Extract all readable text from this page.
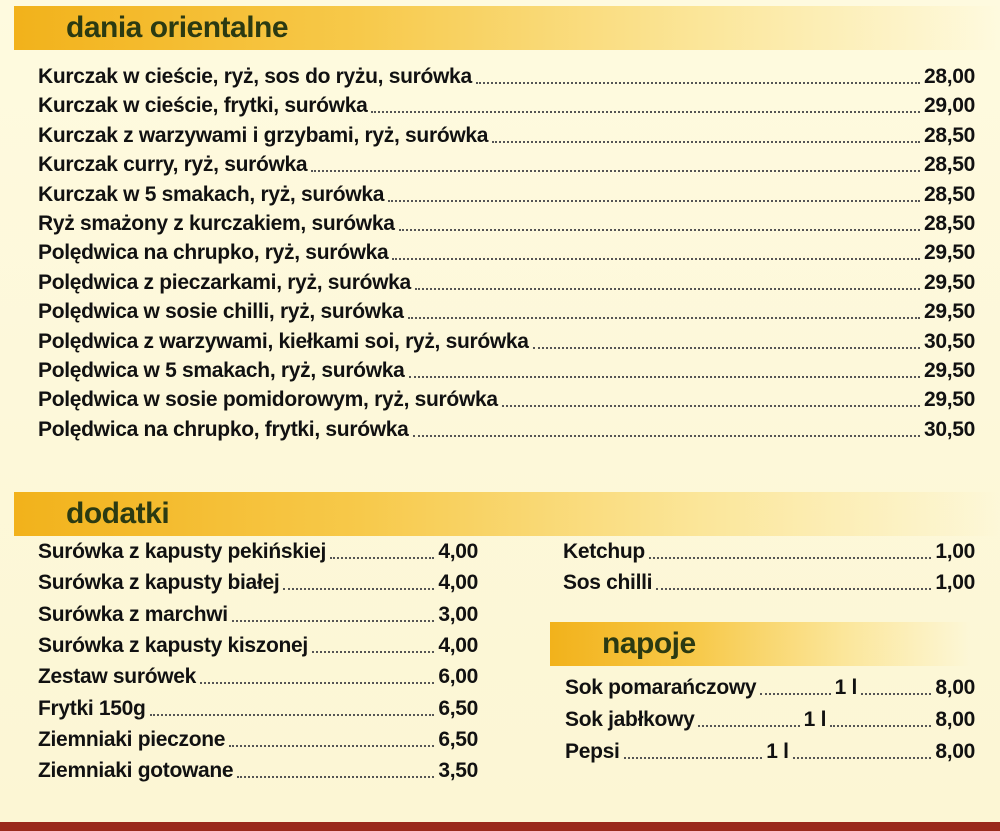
dania orientalne
Kurczak w cieście, ryż, sos do ryżu, surówka	28,00
Kurczak w cieście, frytki, surówka	29,00
Kurczak z warzywami i grzybami, ryż, surówka	28,50
Kurczak curry, ryż, surówka	28,50
Kurczak w 5 smakach, ryż, surówka	28,50
Ryż smażony z kurczakiem, surówka	28,50
Polędwica na chrupko, ryż, surówka	29,50
Polędwica z pieczarkami, ryż, surówka	29,50
Polędwica w sosie chilli, ryż, surówka	29,50
Polędwica z warzywami, kiełkami soi, ryż, surówka	30,50
Polędwica w 5 smakach, ryż, surówka	29,50
Polędwica w sosie pomidorowym, ryż, surówka	29,50
Polędwica na chrupko, frytki, surówka	30,50
dodatki
Surówka z kapusty pekińskiej	4,00
Surówka z kapusty białej	4,00
Surówka z marchwi	3,00
Surówka z kapusty kiszonej	4,00
Zestaw surówek	6,00
Frytki 150g	6,50
Ziemniaki pieczone	6,50
Ziemniaki gotowane	3,50
Ketchup	1,00
Sos chilli	1,00
napoje
Sok pomarańczowy	1 l	8,00
Sok jabłkowy	1 l	8,00
Pepsi	1 l	8,00
